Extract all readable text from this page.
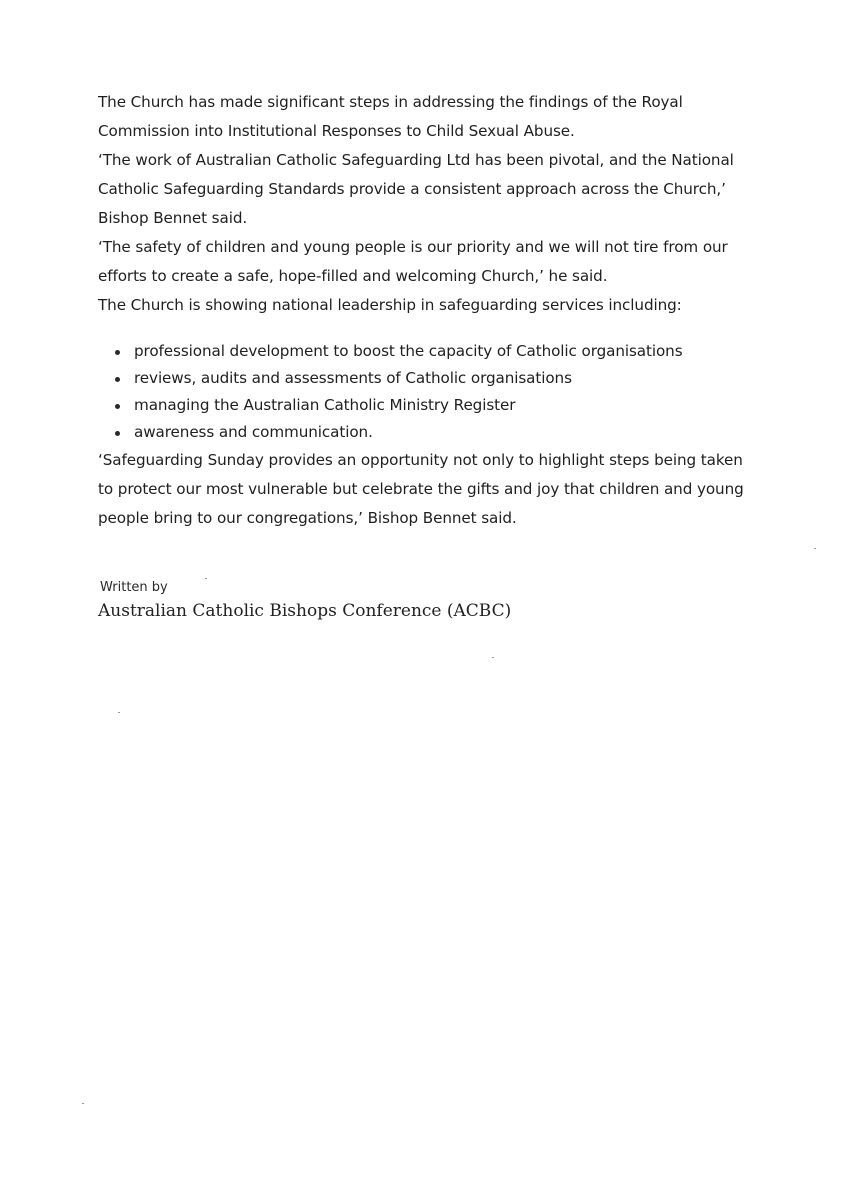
The Church has made significant steps in addressing the findings of the Royal Commission into Institutional Responses to Child Sexual Abuse.

‘The work of Australian Catholic Safeguarding Ltd has been pivotal, and the National Catholic Safeguarding Standards provide a consistent approach across the Church,’ Bishop Bennet said.

‘The safety of children and young people is our priority and we will not tire from our efforts to create a safe, hope-filled and welcoming Church,’ he said.

The Church is showing national leadership in safeguarding services including:

professional development to boost the capacity of Catholic organisations
reviews, audits and assessments of Catholic organisations
managing the Australian Catholic Ministry Register
awareness and communication.

‘Safeguarding Sunday provides an opportunity not only to highlight steps being taken to protect our most vulnerable but celebrate the gifts and joy that children and young people bring to our congregations,’ Bishop Bennet said.

Written by
Australian Catholic Bishops Conference (ACBC)
